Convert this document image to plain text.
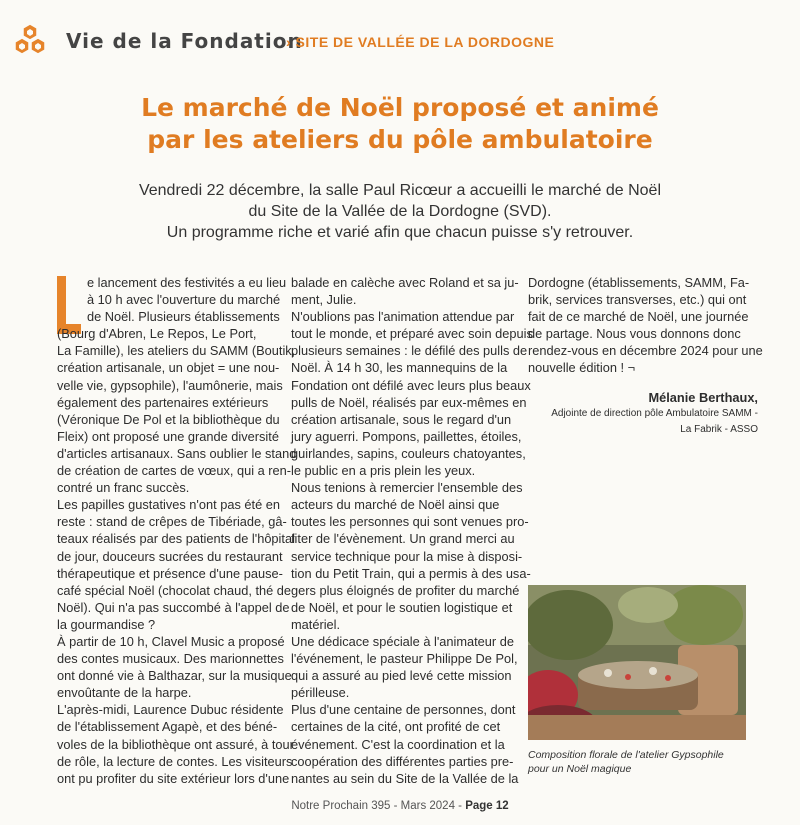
Vie de la Fondation
› SITE DE VALLÉE DE LA DORDOGNE
Le marché de Noël proposé et animé
par les ateliers du pôle ambulatoire
Vendredi 22 décembre, la salle Paul Ricœur a accueilli le marché de Noël
du Site de la Vallée de la Dordogne (SVD).
Un programme riche et varié afin que chacun puisse s'y retrouver.
e lancement des festivités a eu lieu
à 10 h avec l'ouverture du marché
de Noël. Plusieurs établissements
(Bourg d'Abren, Le Repos, Le Port,
La Famille), les ateliers du SAMM (Boutik,
création artisanale, un objet = une nou-
velle vie, gypsophile), l'aumônerie, mais
également des partenaires extérieurs
(Véronique De Pol et la bibliothèque du
Fleix) ont proposé une grande diversité
d'articles artisanaux. Sans oublier le stand
de création de cartes de vœux, qui a ren-
contré un franc succès.
Les papilles gustatives n'ont pas été en
reste : stand de crêpes de Tibériade, gâ-
teaux réalisés par des patients de l'hôpital
de jour, douceurs sucrées du restaurant
thérapeutique et présence d'une pause-
café spécial Noël (chocolat chaud, thé de
Noël). Qui n'a pas succombé à l'appel de
la gourmandise ?
À partir de 10 h, Clavel Music a proposé
des contes musicaux. Des marionnettes
ont donné vie à Balthazar, sur la musique
envoûtante de la harpe.
L'après-midi, Laurence Dubuc résidente
de l'établissement Agapè, et des béné-
voles de la bibliothèque ont assuré, à tour
de rôle, la lecture de contes. Les visiteurs
ont pu profiter du site extérieur lors d'une
balade en calèche avec Roland et sa ju-
ment, Julie.
N'oublions pas l'animation attendue par
tout le monde, et préparé avec soin depuis
plusieurs semaines : le défilé des pulls de
Noël. À 14 h 30, les mannequins de la
Fondation ont défilé avec leurs plus beaux
pulls de Noël, réalisés par eux-mêmes en
création artisanale, sous le regard d'un
jury aguerri. Pompons, paillettes, étoiles,
guirlandes, sapins, couleurs chatoyantes,
le public en a pris plein les yeux.
Nous tenions à remercier l'ensemble des
acteurs du marché de Noël ainsi que
toutes les personnes qui sont venues pro-
fiter de l'évènement. Un grand merci au
service technique pour la mise à disposi-
tion du Petit Train, qui a permis à des usa-
gers plus éloignés de profiter du marché
de Noël, et pour le soutien logistique et
matériel.
Une dédicace spéciale à l'animateur de
l'événement, le pasteur Philippe De Pol,
qui a assuré au pied levé cette mission
périlleuse.
Plus d'une centaine de personnes, dont
certaines de la cité, ont profité de cet
événement. C'est la coordination et la
coopération des différentes parties pre-
nantes au sein du Site de la Vallée de la
Dordogne (établissements, SAMM, Fa-
brik, services transverses, etc.) qui ont
fait de ce marché de Noël, une journée
de partage. Nous vous donnons donc
rendez-vous en décembre 2024 pour une
nouvelle édition ! ¬
Mélanie Berthaux,
Adjointe de direction pôle Ambulatoire SAMM -
La Fabrik - ASSO
Composition florale de l'atelier Gypsophile
pour un Noël magique
Notre Prochain 395 - Mars 2024 - Page 12
